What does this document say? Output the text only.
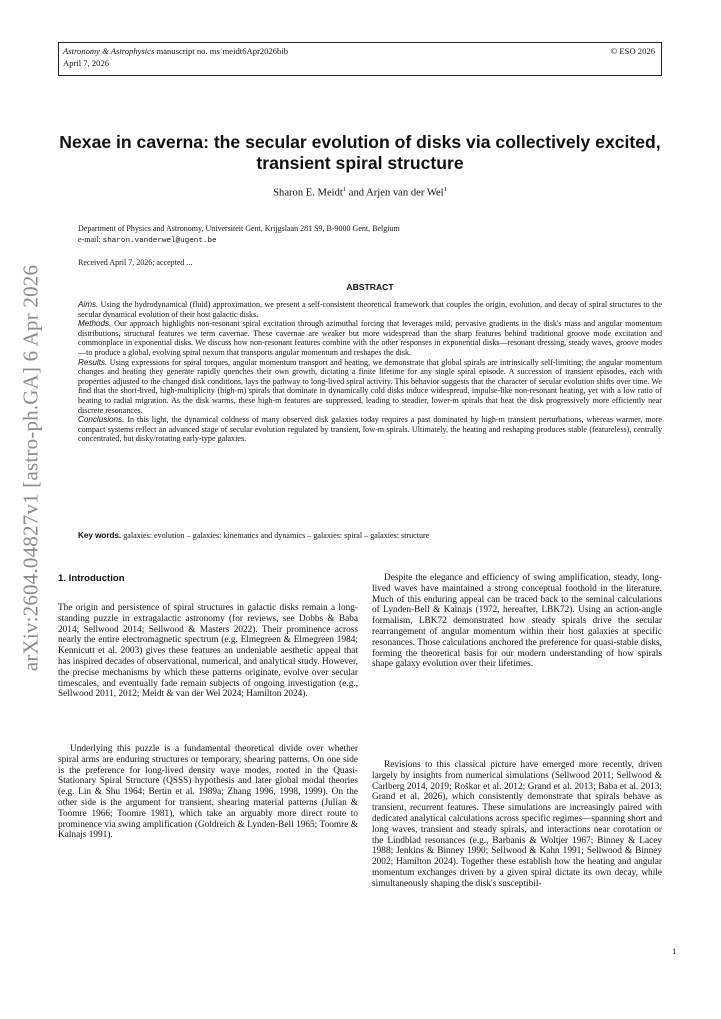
Astronomy & Astrophysics manuscript no. ms˙meidt6Apr2026bib
April 7, 2026
© ESO 2026
arXiv:2604.04827v1 [astro-ph.GA] 6 Apr 2026
Nexae in caverna: the secular evolution of disks via collectively excited, transient spiral structure
Sharon E. Meidt$^1$ and Arjen van der Wel$^1$
Department of Physics and Astronomy, Universiteit Gent, Krijgslaan 281 S9, B-9000 Gent, Belgium
e-mail: sharon.vanderwel@ugent.be
Received April 7, 2026; accepted ...
ABSTRACT

Aims. Using the hydrodynamical (fluid) approximation, we present a self-consistent theoretical framework that couples the origin, evolution, and decay of spiral structures to the secular dynamical evolution of their host galactic disks.

Methods. Our approach highlights non-resonant spiral excitation through azimuthal forcing that leverages mild, pervasive gradients in the disk's mass and angular momentum distributions, structural features we term cavernae. These cavernae are weaker but more widespread than the sharp features behind traditional groove mode excitation and commonplace in exponential disks. We discuss how non-resonant features combine with the other responses in exponential disks—resonant dressing, steady waves, groove modes—to produce a global, evolving spiral nexum that transports angular momentum and reshapes the disk.

Results. Using expressions for spiral torques, angular momentum transport and heating, we demonstrate that global spirals are intrinsically self-limiting; the angular momentum changes and heating they generate rapidly quenches their own growth, dictating a finite lifetime for any single spiral episode. A succession of transient episodes, each with properties adjusted to the changed disk conditions, lays the pathway to long-lived spiral activity. This behavior suggests that the character of secular evolution shifts over time. We find that the short-lived, high-multiplicity (high-m) spirals that dominate in dynamically cold disks induce widespread, impulse-like non-resonant heating, yet with a low ratio of heating to radial migration. As the disk warms, these high-m features are suppressed, leading to steadier, lower-m spirals that heat the disk progressively more efficiently near discrete resonances.

Conclusions. In this light, the dynamical coldness of many observed disk galaxies today requires a past dominated by high-m transient perturbations, whereas warmer, more compact systems reflect an advanced stage of secular evolution regulated by transient, low-m spirals. Ultimately, the heating and reshaping produces stable (featureless), centrally concentrated, but disky/rotating early-type galaxies.

Key words. galaxies: evolution – galaxies: kinematics and dynamics – galaxies: spiral – galaxies: structure
1. Introduction

The origin and persistence of spiral structures in galactic disks remain a long-standing puzzle in extragalactic astronomy (for reviews, see Dobbs & Baba 2014; Sellwood 2014; Sellwood & Masters 2022). Their prominence across nearly the entire electromagnetic spectrum (e.g. Elmegreen & Elmegreen 1984; Kennicutt et al. 2003) gives these features an undeniable aesthetic appeal that has inspired decades of observational, numerical, and analytical study. However, the precise mechanisms by which these patterns originate, evolve over secular timescales, and eventually fade remain subjects of ongoing investigation (e.g., Sellwood 2011, 2012; Meidt & van der Wel 2024; Hamilton 2024).

Underlying this puzzle is a fundamental theoretical divide over whether spiral arms are enduring structures or temporary, shearing patterns. On one side is the preference for long-lived density wave modes, rooted in the Quasi-Stationary Spiral Structure (QSSS) hypothesis and later global modal theories (e.g. Lin & Shu 1964; Bertin et al. 1989a; Zhang 1996, 1998, 1999). On the other side is the argument for transient, shearing material patterns (Julian & Toomre 1966; Toomre 1981), which take an arguably more direct route to prominence via swing amplification (Goldreich & Lynden-Bell 1965; Toomre & Kalnajs 1991).

Despite the elegance and efficiency of swing amplification, steady, long-lived waves have maintained a strong conceptual foothold in the literature. Much of this enduring appeal can be traced back to the seminal calculations of Lynden-Bell & Kalnajs (1972, hereafter, LBK72). Using an action-angle formalism, LBK72 demonstrated how steady spirals drive the secular rearrangement of angular momentum within their host galaxies at specific resonances. Those calculations anchored the preference for quasi-stable disks, forming the theoretical basis for our modern understanding of how spirals shape galaxy evolution over their lifetimes.

Revisions to this classical picture have emerged more recently, driven largely by insights from numerical simulations (Sellwood 2011; Sellwood & Carlberg 2014, 2019; Roškar et al. 2012; Grand et al. 2013; Baba et al. 2013; Grand et al. 2026), which consistently demonstrate that spirals behave as transient, recurrent features. These simulations are increasingly paired with dedicated analytical calculations across specific regimes—spanning short and long waves, transient and steady spirals, and interactions near corotation or the Lindblad resonances (e.g., Barbanis & Woltjer 1967; Binney & Lacey 1988; Jenkins & Binney 1990; Sellwood & Kahn 1991; Sellwood & Binney 2002; Hamilton 2024). Together these establish how the heating and angular momentum exchanges driven by a given spiral dictate its own decay, while simultaneously shaping the disk's susceptibil-

1
